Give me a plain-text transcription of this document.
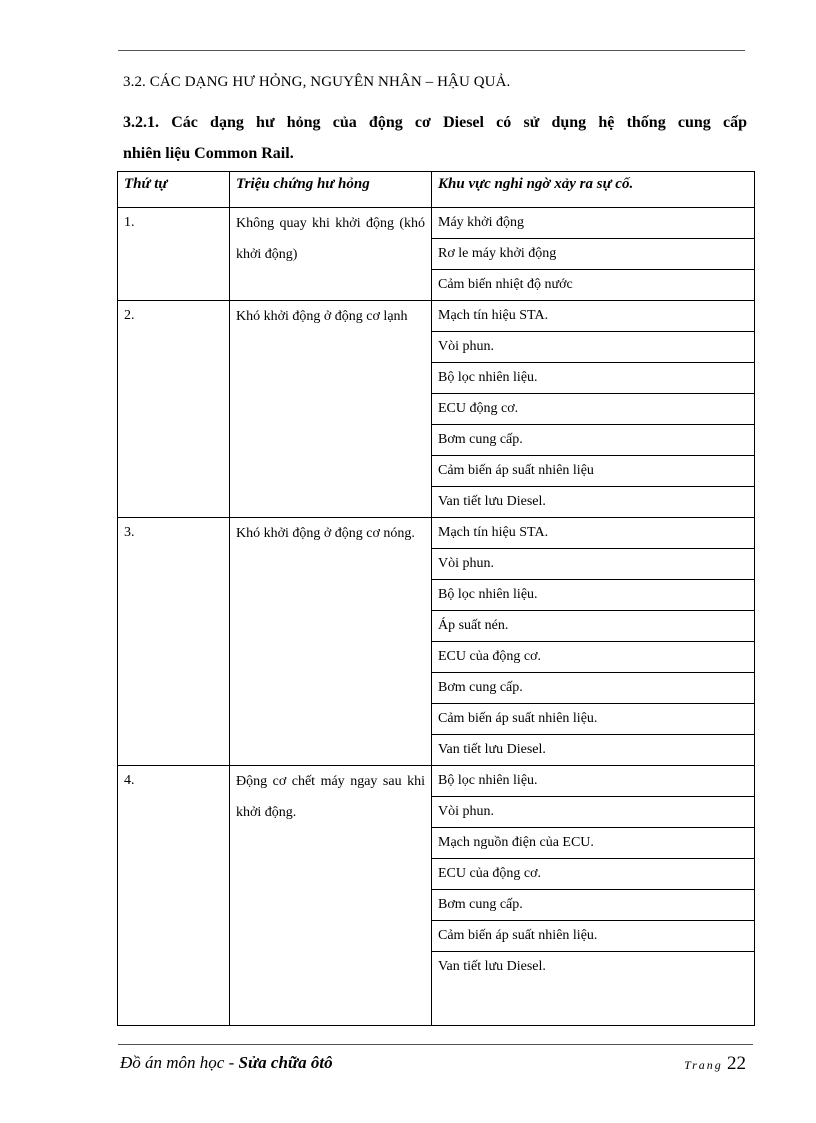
3.2. CÁC DẠNG HƯ HỎNG, NGUYÊN NHÂN – HẬU QUẢ.
3.2.1. Các dạng hư hỏng của động cơ Diesel có sử dụng hệ thống cung cấp
nhiên liệu Common Rail.
Thứ tự	Triệu chứng hư hỏng	Khu vực nghi ngờ xảy ra sự cố.
1.	Không quay khi khởi động (khó khởi động)	Máy khởi động
		Rơ le máy khởi động
		Cảm biến nhiệt độ nước
2.	Khó khởi động ở động cơ lạnh	Mạch tín hiệu STA.
		Vòi phun.
		Bộ lọc nhiên liệu.
		ECU động cơ.
		Bơm cung cấp.
		Cảm biến áp suất nhiên liệu
		Van tiết lưu Diesel.
3.	Khó khởi động ở động cơ nóng.	Mạch tín hiệu STA.
		Vòi phun.
		Bộ lọc nhiên liệu.
		Áp suất nén.
		ECU của động cơ.
		Bơm cung cấp.
		Cảm biến áp suất nhiên liệu.
		Van tiết lưu Diesel.
4.	Động cơ chết máy ngay sau khi khởi động.	Bộ lọc nhiên liệu.
		Vòi phun.
		Mạch nguồn điện của ECU.
		ECU của động cơ.
		Bơm cung cấp.
		Cảm biến áp suất nhiên liệu.
		Van tiết lưu Diesel.
Đồ án môn học - Sửa chữa ôtô	Trang 22
